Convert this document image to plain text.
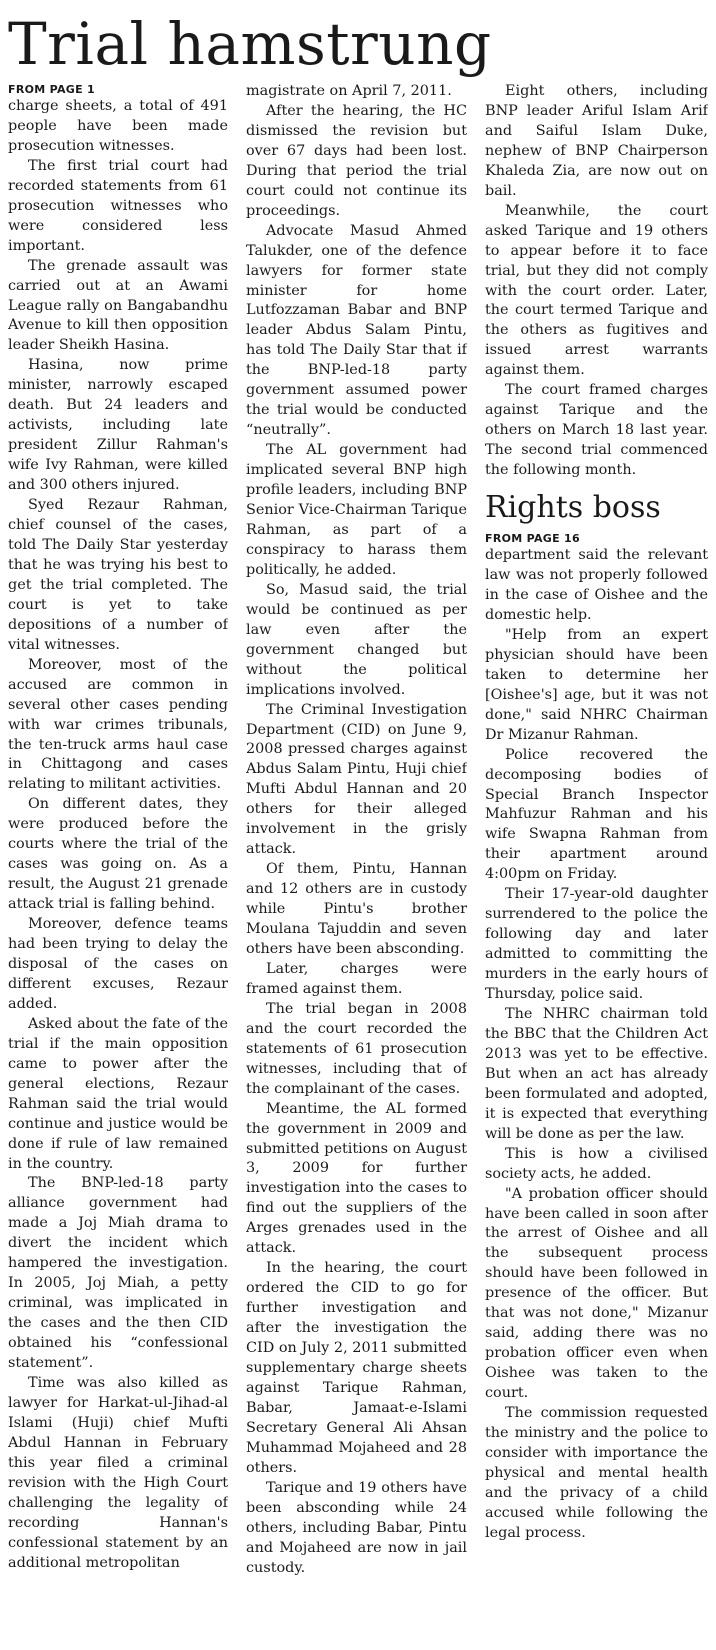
Trial hamstrung
FROM PAGE 1

charge sheets, a total of 491 people have been made prosecution witnesses.

The first trial court had recorded statements from 61 prosecution witnesses who were considered less important.

The grenade assault was carried out at an Awami League rally on Bangabandhu Avenue to kill then opposition leader Sheikh Hasina.

Hasina, now prime minister, narrowly escaped death. But 24 leaders and activists, including late president Zillur Rahman's wife Ivy Rahman, were killed and 300 others injured.

Syed Rezaur Rahman, chief counsel of the cases, told The Daily Star yesterday that he was trying his best to get the trial completed. The court is yet to take depositions of a number of vital witnesses.

Moreover, most of the accused are common in several other cases pending with war crimes tribunals, the ten-truck arms haul case in Chittagong and cases relating to militant activities.

On different dates, they were produced before the courts where the trial of the cases was going on. As a result, the August 21 grenade attack trial is falling behind.

Moreover, defence teams had been trying to delay the disposal of the cases on different excuses, Rezaur added.

Asked about the fate of the trial if the main opposition came to power after the general elections, Rezaur Rahman said the trial would continue and justice would be done if rule of law remained in the country.

The BNP-led-18 party alliance government had made a Joj Miah drama to divert the incident which hampered the investigation. In 2005, Joj Miah, a petty criminal, was implicated in the cases and the then CID obtained his “confessional statement”.

Time was also killed as lawyer for Harkat-ul-Jihad-al Islami (Huji) chief Mufti Abdul Hannan in February this year filed a criminal revision with the High Court challenging the legality of recording Hannan's confessional statement by an additional metropolitan

magistrate on April 7, 2011.

After the hearing, the HC dismissed the revision but over 67 days had been lost. During that period the trial court could not continue its proceedings.

Advocate Masud Ahmed Talukder, one of the defence lawyers for former state minister for home Lutfozzaman Babar and BNP leader Abdus Salam Pintu, has told The Daily Star that if the BNP-led-18 party government assumed power the trial would be conducted “neutrally”.

The AL government had implicated several BNP high profile leaders, including BNP Senior Vice-Chairman Tarique Rahman, as part of a conspiracy to harass them politically, he added.

So, Masud said, the trial would be continued as per law even after the government changed but without the political implications involved.

The Criminal Investigation Department (CID) on June 9, 2008 pressed charges against Abdus Salam Pintu, Huji chief Mufti Abdul Hannan and 20 others for their alleged involvement in the grisly attack.

Of them, Pintu, Hannan and 12 others are in custody while Pintu's brother Moulana Tajuddin and seven others have been absconding.

Later, charges were framed against them.

The trial began in 2008 and the court recorded the statements of 61 prosecution witnesses, including that of the complainant of the cases.

Meantime, the AL formed the government in 2009 and submitted petitions on August 3, 2009 for further investigation into the cases to find out the suppliers of the Arges grenades used in the attack.

In the hearing, the court ordered the CID to go for further investigation and after the investigation the CID on July 2, 2011 submitted supplementary charge sheets against Tarique Rahman, Babar, Jamaat-e-Islami Secretary General Ali Ahsan Muhammad Mojaheed and 28 others.

Tarique and 19 others have been absconding while 24 others, including Babar, Pintu and Mojaheed are now in jail custody.

Eight others, including BNP leader Ariful Islam Arif and Saiful Islam Duke, nephew of BNP Chairperson Khaleda Zia, are now out on bail.

Meanwhile, the court asked Tarique and 19 others to appear before it to face trial, but they did not comply with the court order. Later, the court termed Tarique and the others as fugitives and issued arrest warrants against them.

The court framed charges against Tarique and the others on March 18 last year. The second trial commenced the following month.

Rights boss
FROM PAGE 16

department said the relevant law was not properly followed in the case of Oishee and the domestic help.

"Help from an expert physician should have been taken to determine her [Oishee's] age, but it was not done," said NHRC Chairman Dr Mizanur Rahman.

Police recovered the decomposing bodies of Special Branch Inspector Mahfuzur Rahman and his wife Swapna Rahman from their apartment around 4:00pm on Friday.

Their 17-year-old daughter surrendered to the police the following day and later admitted to committing the murders in the early hours of Thursday, police said.

The NHRC chairman told the BBC that the Children Act 2013 was yet to be effective. But when an act has already been formulated and adopted, it is expected that everything will be done as per the law.

This is how a civilised society acts, he added.

"A probation officer should have been called in soon after the arrest of Oishee and all the subsequent process should have been followed in presence of the officer. But that was not done," Mizanur said, adding there was no probation officer even when Oishee was taken to the court.

The commission requested the ministry and the police to consider with importance the physical and mental health and the privacy of a child accused while following the legal process.
